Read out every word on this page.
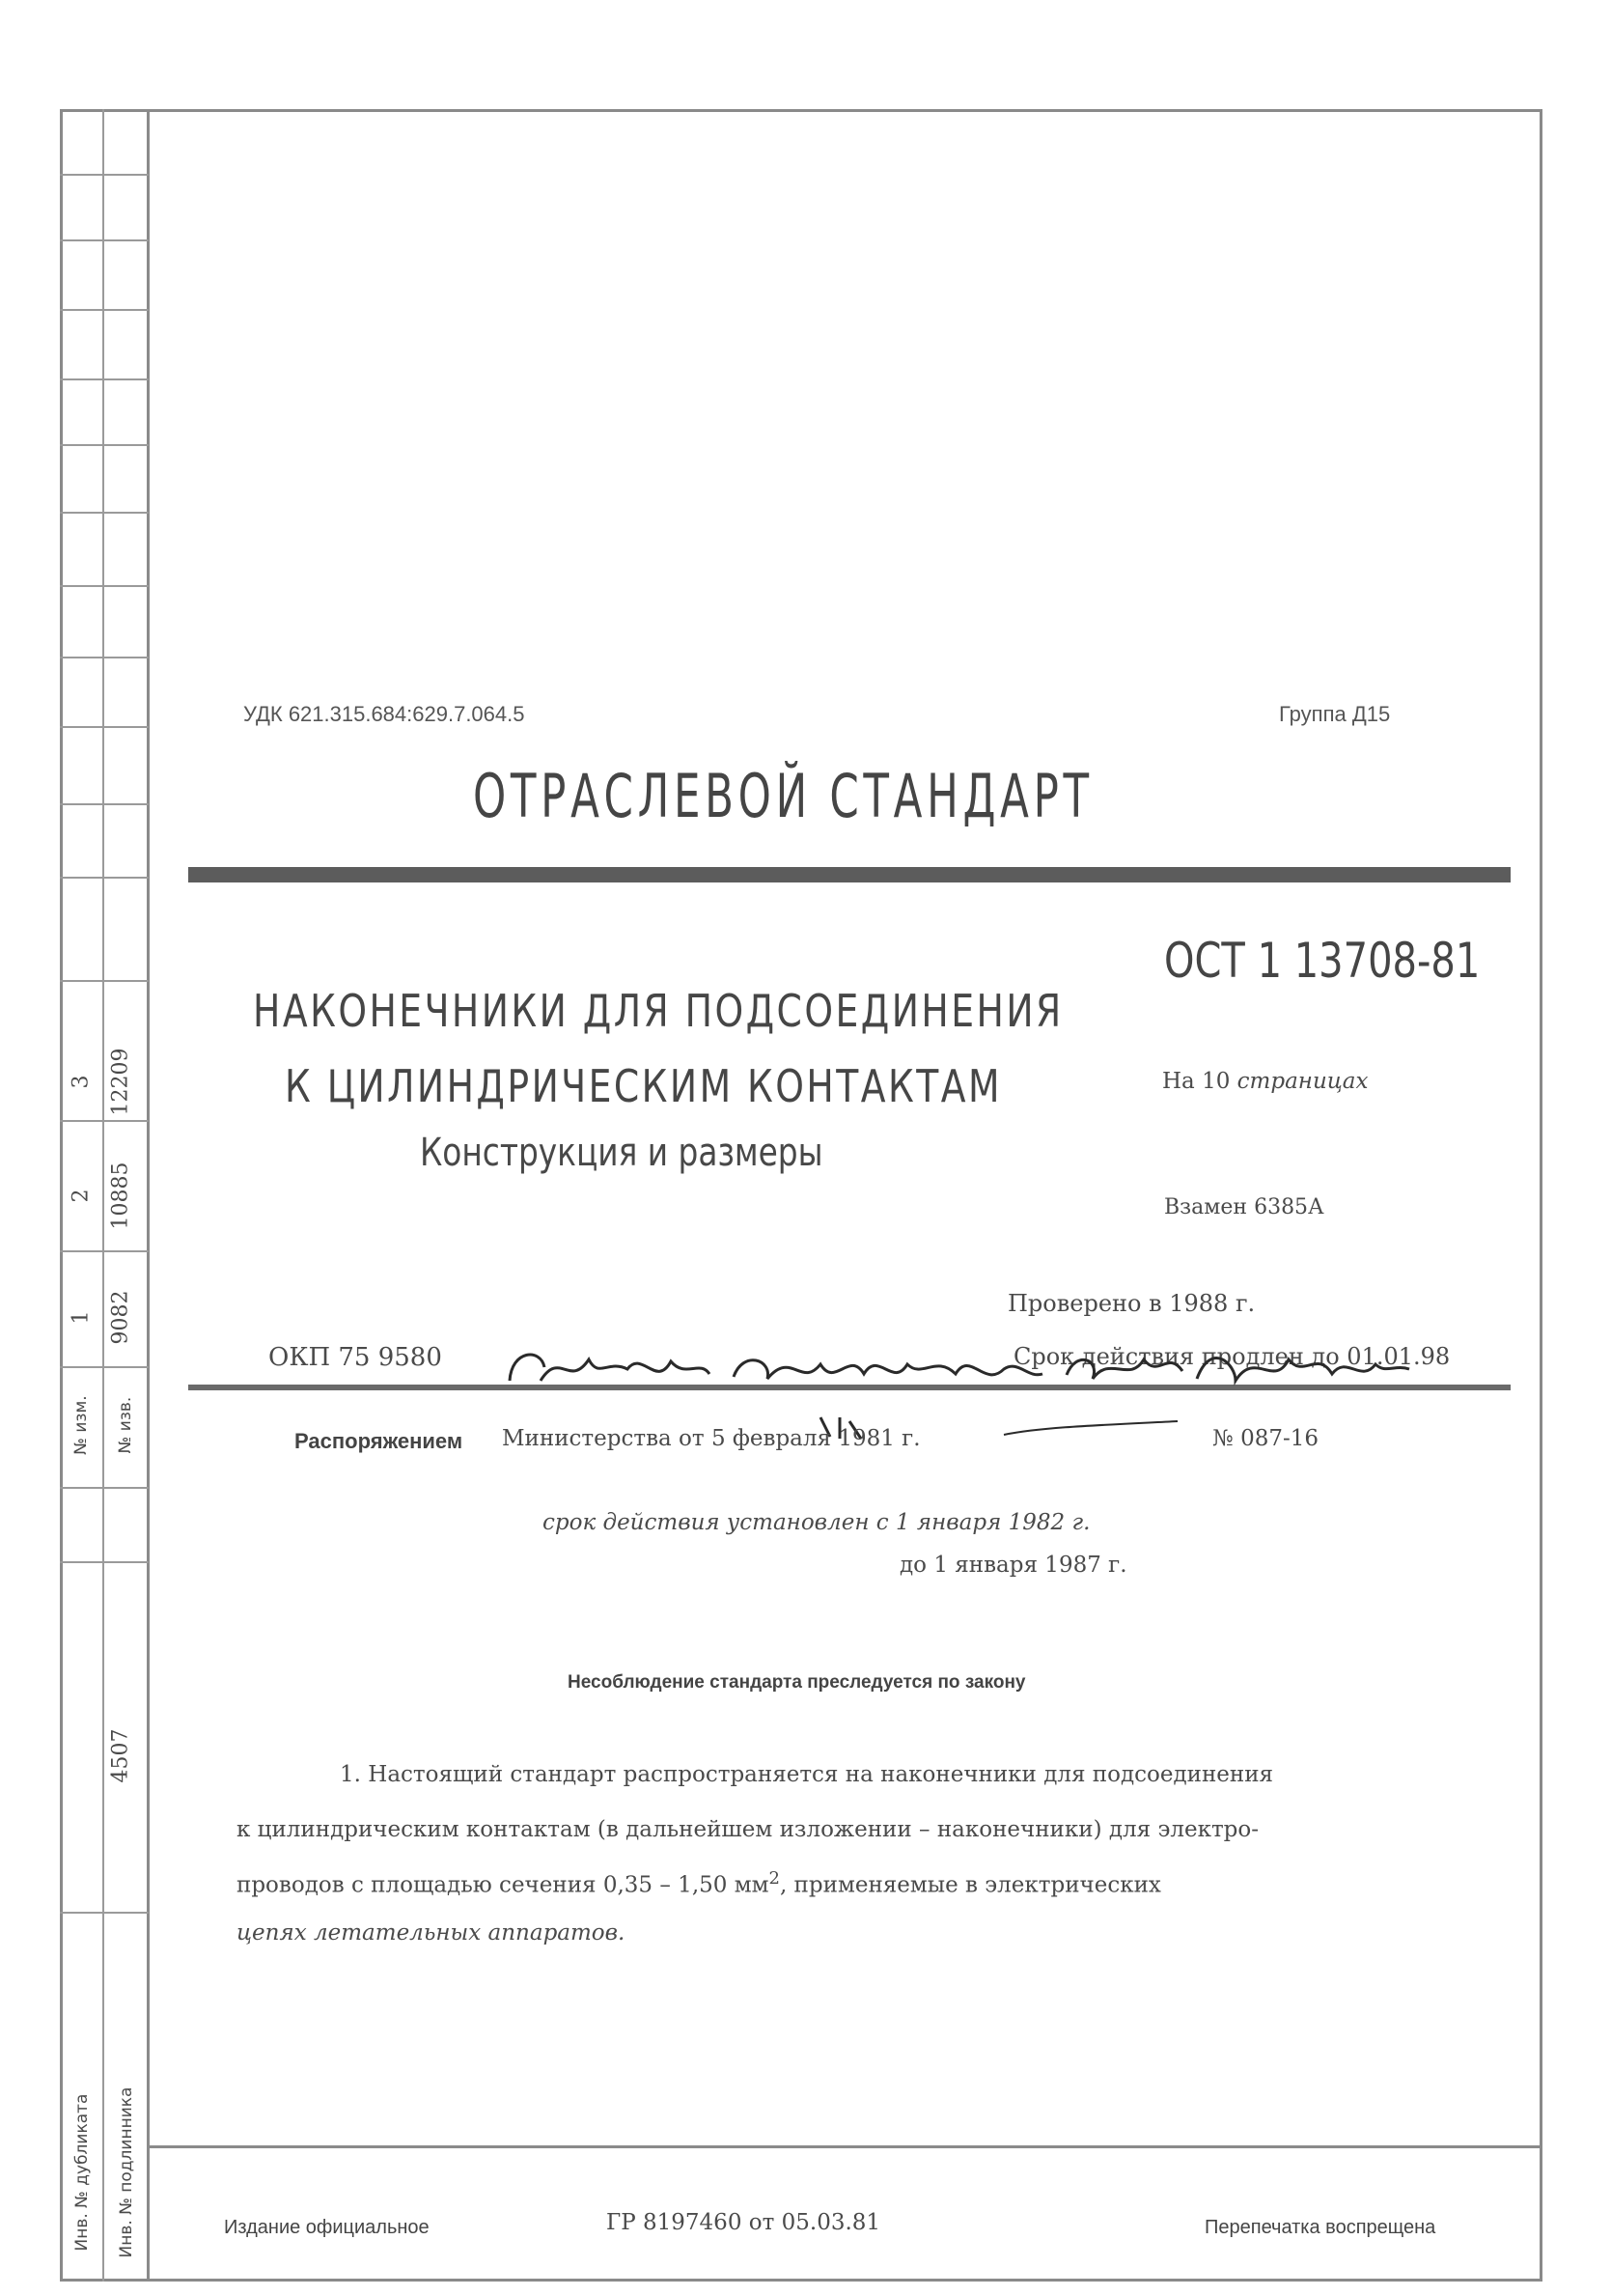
3 12209
2 10885
1 9082
№ изм. № изв.
4507
Инв. № дубликата Инв. № подлинника
УДК 621.315.684:629.7.064.5	Группа Д15
ОТРАСЛЕВОЙ СТАНДАРТ
ОСТ 1 13708-81
НАКОНЕЧНИКИ ДЛЯ ПОДСОЕДИНЕНИЯ
К ЦИЛИНДРИЧЕСКИМ КОНТАКТАМ
Конструкция и размеры
На 10 страницах
Взамен 6385А
Проверено в 1988 г.
ОКП 75 9580	Срок действия продлен до 01.01.98
Распоряжением Министерства от 5 февраля 1981 г.	№ 087-16
срок действия установлен с 1 января 1982 г.
до 1 января 1987 г.
Несоблюдение стандарта преследуется по закону
1. Настоящий стандарт распространяется на наконечники для подсоединения
к цилиндрическим контактам (в дальнейшем изложении – наконечники) для электро-
проводов с площадью сечения 0,35 – 1,50 $мм^2$, применяемые в электрических
цепях летательных аппаратов.
Издание официальное	ГР 8197460 от 05.03.81	Перепечатка воспрещена
